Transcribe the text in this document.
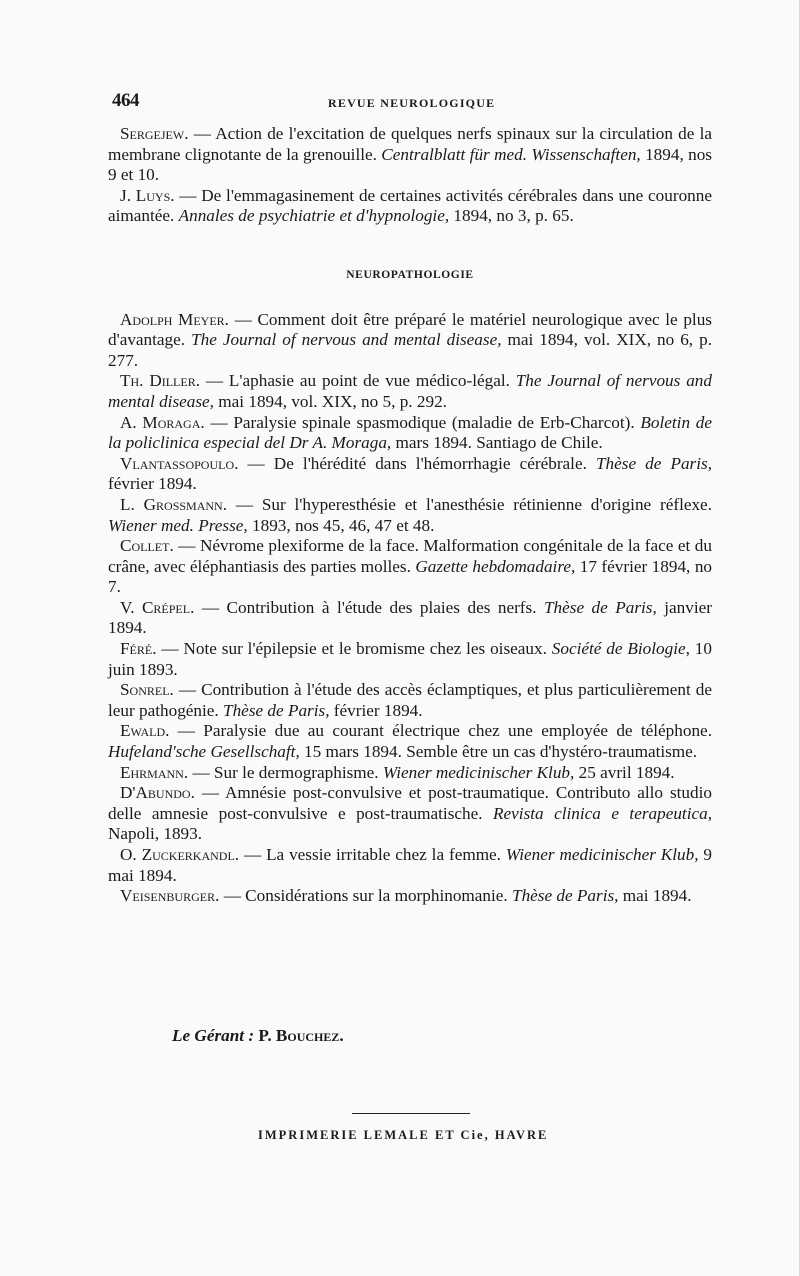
464	REVUE NEUROLOGIQUE

Sergejew. — Action de l'excitation de quelques nerfs spinaux sur la circulation de la membrane clignotante de la grenouille. Centralblatt für med. Wissenschaften, 1894, nos 9 et 10.

J. Luys. — De l'emmagasinement de certaines activités cérébrales dans une couronne aimantée. Annales de psychiatrie et d'hypnologie, 1894, no 3, p. 65.

NEUROPATHOLOGIE

Adolph Meyer. — Comment doit être préparé le matériel neurologique avec le plus d'avantage. The Journal of nervous and mental disease, mai 1894, vol. XIX, no 6, p. 277.

Th. Diller. — L'aphasie au point de vue médico-légal. The Journal of nervous and mental disease, mai 1894, vol. XIX, no 5, p. 292.

A. Moraga. — Paralysie spinale spasmodique (maladie de Erb-Charcot). Boletin de la policlinica especial del Dr A. Moraga, mars 1894. Santiago de Chile.

Vlantassopoulo. — De l'hérédité dans l'hémorrhagie cérébrale. Thèse de Paris, février 1894.

L. Grossmann. — Sur l'hyperesthésie et l'anesthésie rétinienne d'origine réflexe. Wiener med. Presse, 1893, nos 45, 46, 47 et 48.

Collet. — Névrome plexiforme de la face. Malformation congénitale de la face et du crâne, avec éléphantiasis des parties molles. Gazette hebdomadaire, 17 février 1894, no 7.

V. Crépel. — Contribution à l'étude des plaies des nerfs. Thèse de Paris, janvier 1894.

Féré. — Note sur l'épilepsie et le bromisme chez les oiseaux. Société de Biologie, 10 juin 1893.

Sonrel. — Contribution à l'étude des accès éclamptiques, et plus particulièrement de leur pathogénie. Thèse de Paris, février 1894.

Ewald. — Paralysie due au courant électrique chez une employée de téléphone. Hufeland'sche Gesellschaft, 15 mars 1894. Semble être un cas d'hystéro-traumatisme.

Ehrmann. — Sur le dermographisme. Wiener medicinischer Klub, 25 avril 1894.

D'Abundo. — Amnésie post-convulsive et post-traumatique. Contributo allo studio delle amnesie post-convulsive e post-traumatische. Revista clinica e terapeutica, Napoli, 1893.

O. Zuckerkandl. — La vessie irritable chez la femme. Wiener medicinischer Klub, 9 mai 1894.

Veisenburger. — Considérations sur la morphinomanie. Thèse de Paris, mai 1894.

Le Gérant : P. Bouchez.
IMPRIMERIE LEMALE ET Cie, HAVRE
